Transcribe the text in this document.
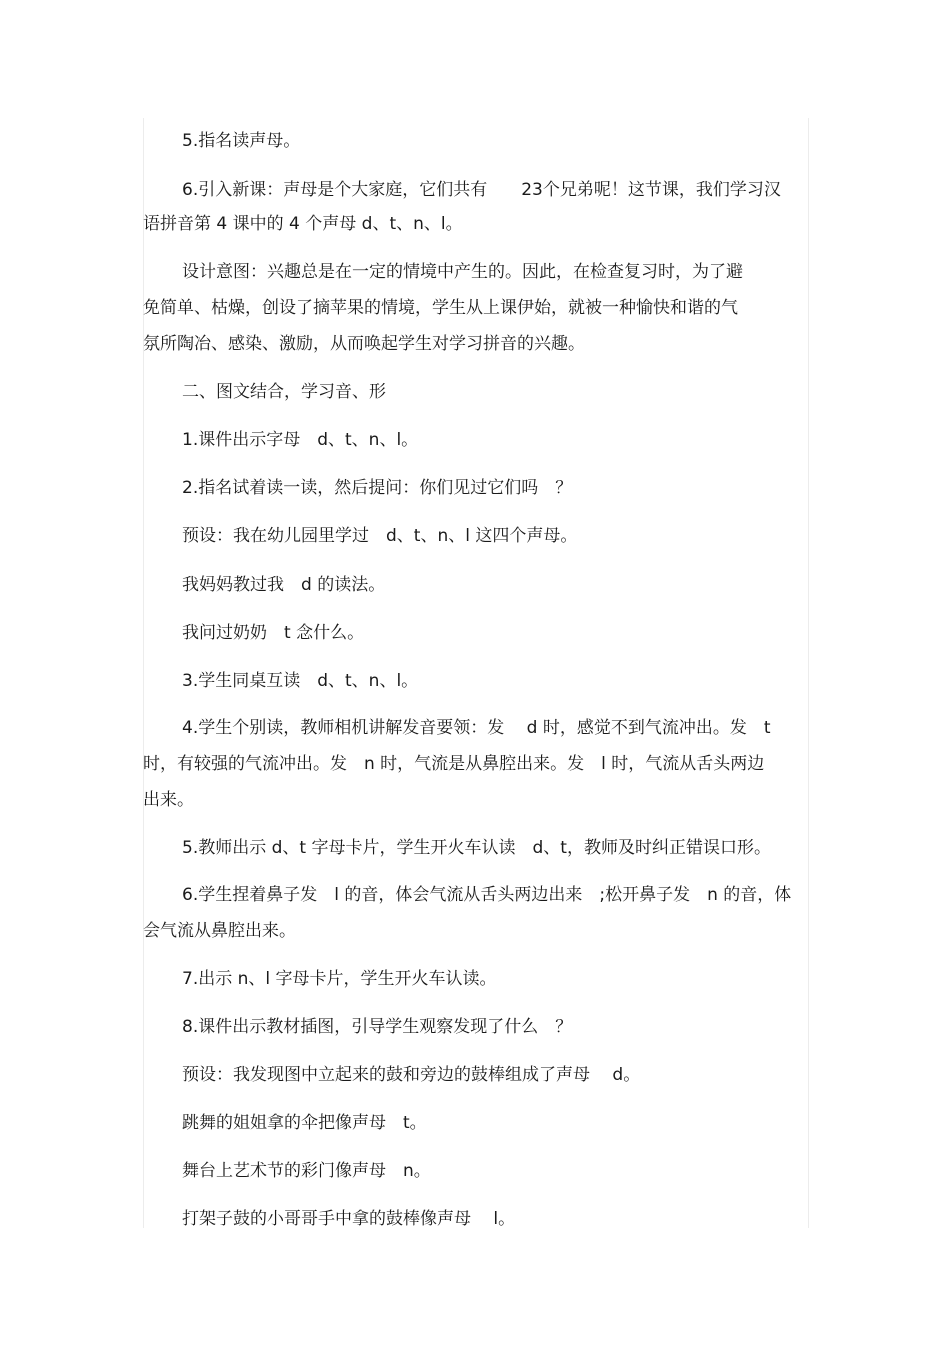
5.指名读声母。

6.引入新课：声母是个大家庭，它们共有　　23个兄弟呢！这节课，我们学习汉

语拼音第 4 课中的 4 个声母 d、t、n、l。

设计意图：兴趣总是在一定的情境中产生的。因此，在检查复习时，为了避

免简单、枯燥，创设了摘苹果的情境，学生从上课伊始，就被一种愉快和谐的气

氛所陶冶、感染、激励，从而唤起学生对学习拼音的兴趣。

二、图文结合，学习音、形

1.课件出示字母　d、t、n、l。

2.指名试着读一读，然后提问：你们见过它们吗　？

预设：我在幼儿园里学过　d、t、n、l 这四个声母。

我妈妈教过我　d 的读法。

我问过奶奶　t 念什么。

3.学生同桌互读　d、t、n、l。

4.学生个别读，教师相机讲解发音要领：发　 d 时，感觉不到气流冲出。发　t

时，有较强的气流冲出。发　n 时，气流是从鼻腔出来。发　l 时，气流从舌头两边

出来。

5.教师出示 d、t 字母卡片，学生开火车认读　d、t，教师及时纠正错误口形。

6.学生捏着鼻子发　l 的音，体会气流从舌头两边出来　;松开鼻子发　n 的音，体

会气流从鼻腔出来。

7.出示 n、l 字母卡片，学生开火车认读。

8.课件出示教材插图，引导学生观察发现了什么　？

预设：我发现图中立起来的鼓和旁边的鼓棒组成了声母　 d。

跳舞的姐姐拿的伞把像声母　t。

舞台上艺术节的彩门像声母　n。

打架子鼓的小哥哥手中拿的鼓棒像声母　 l。
